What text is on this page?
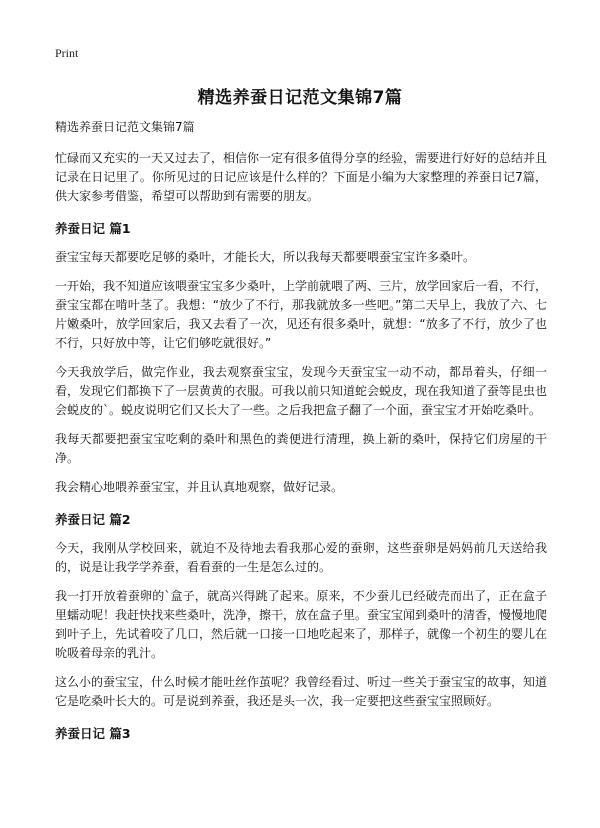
Print
精选养蚕日记范文集锦7篇

精选养蚕日记范文集锦7篇

忙碌而又充实的一天又过去了，相信你一定有很多值得分享的经验，需要进行好好的总结并且记录在日记里了。你所见过的日记应该是什么样的？下面是小编为大家整理的养蚕日记7篇，供大家参考借鉴，希望可以帮助到有需要的朋友。

养蚕日记 篇1

蚕宝宝每天都要吃足够的桑叶，才能长大，所以我每天都要喂蚕宝宝许多桑叶。

一开始，我不知道应该喂蚕宝宝多少桑叶，上学前就喂了两、三片，放学回家后一看，不行，蚕宝宝都在啃叶茎了。我想：“放少了不行，那我就放多一些吧。”第二天早上，我放了六、七片嫩桑叶，放学回家后，我又去看了一次，见还有很多桑叶，就想：“放多了不行，放少了也不行，只好放中等，让它们够吃就很好。”

今天我放学后，做完作业，我去观察蚕宝宝，发现今天蚕宝宝一动不动，都昂着头，仔细一看，发现它们都换下了一层黄黄的衣服。可我以前只知道蛇会蜕皮，现在我知道了蚕等昆虫也会蜕皮的`。蜕皮说明它们又长大了一些。之后我把盒子翻了一个面，蚕宝宝才开始吃桑叶。

我每天都要把蚕宝宝吃剩的桑叶和黑色的粪便进行清理，换上新的桑叶，保持它们房屋的干净。

我会精心地喂养蚕宝宝，并且认真地观察，做好记录。

养蚕日记 篇2

今天，我刚从学校回来，就迫不及待地去看我那心爱的蚕卵，这些蚕卵是妈妈前几天送给我的，说是让我学学养蚕，看看蚕的一生是怎么过的。

我一打开放着蚕卵的`盒子，就高兴得跳了起来。原来，不少蚕儿已经破壳而出了，正在盒子里蠕动呢！我赶快找来些桑叶，洗净，擦干，放在盒子里。蚕宝宝闻到桑叶的清香，慢慢地爬到叶子上，先试着咬了几口，然后就一口接一口地吃起来了，那样子，就像一个初生的婴儿在吮吸着母亲的乳汁。

这么小的蚕宝宝，什么时候才能吐丝作茧呢？我曾经看过、听过一些关于蚕宝宝的故事，知道它是吃桑叶长大的。可是说到养蚕，我还是头一次，我一定要把这些蚕宝宝照顾好。

养蚕日记 篇3
